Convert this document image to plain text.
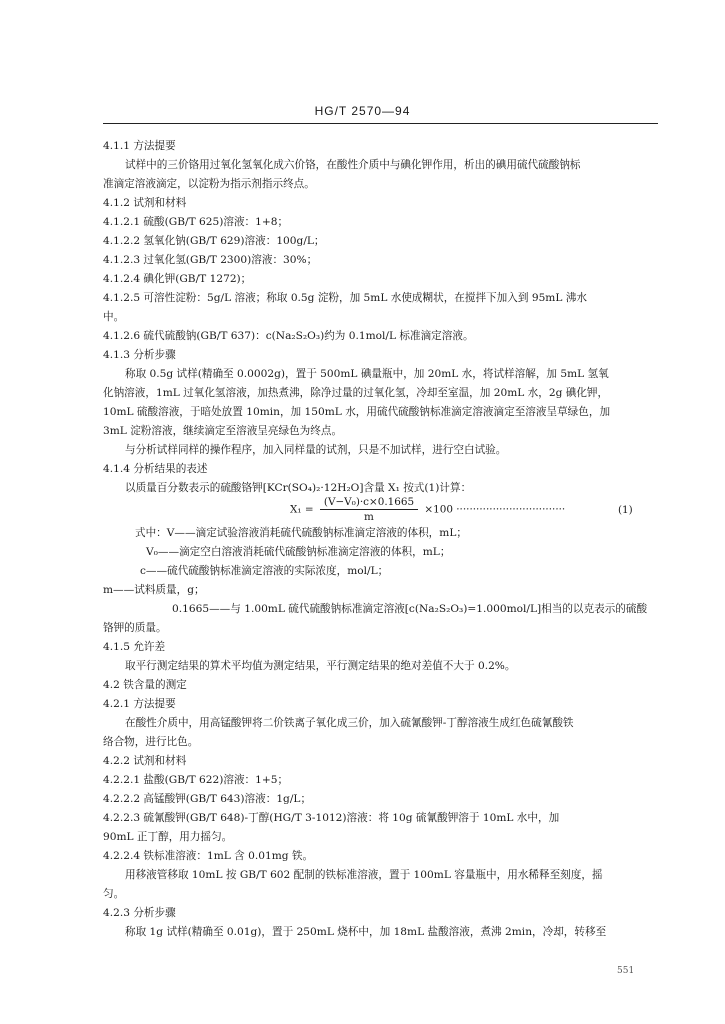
HG/T 2570—94
4.1.1 方法提要
试样中的三价铬用过氧化氢氧化成六价铬，在酸性介质中与碘化钾作用，析出的碘用硫代硫酸钠标
准滴定溶液滴定，以淀粉为指示剂指示终点。
4.1.2 试剂和材料
4.1.2.1 硫酸(GB/T 625)溶液：1+8；
4.1.2.2 氢氧化钠(GB/T 629)溶液：100g/L；
4.1.2.3 过氧化氢(GB/T 2300)溶液：30%；
4.1.2.4 碘化钾(GB/T 1272)；
4.1.2.5 可溶性淀粉：5g/L 溶液；称取 0.5g 淀粉，加 5mL 水使成糊状，在搅拌下加入到 95mL 沸水
中。
4.1.2.6 硫代硫酸钠(GB/T 637)：c(Na₂S₂O₃)约为 0.1mol/L 标准滴定溶液。
4.1.3 分析步骤
称取 0.5g 试样(精确至 0.0002g)，置于 500mL 碘量瓶中，加 20mL 水，将试样溶解，加 5mL 氢氧
化钠溶液，1mL 过氧化氢溶液，加热煮沸，除净过量的过氧化氢，冷却至室温，加 20mL 水，2g 碘化钾，
10mL 硫酸溶液，于暗处放置 10min，加 150mL 水，用硫代硫酸钠标准滴定溶液滴定至溶液呈草绿色，加
3mL 淀粉溶液，继续滴定至溶液呈亮绿色为终点。
与分析试样同样的操作程序，加入同样量的试剂，只是不加试样，进行空白试验。
4.1.4 分析结果的表述
以质量百分数表示的硫酸铬钾[KCr(SO₄)₂·12H₂O]含量 X₁ 按式(1)计算：
式中：V——滴定试验溶液消耗硫代硫酸钠标准滴定溶液的体积，mL；
V₀——滴定空白溶液消耗硫代硫酸钠标准滴定溶液的体积，mL；
c——硫代硫酸钠标准滴定溶液的实际浓度，mol/L；
m——试料质量，g；
0.1665——与 1.00mL 硫代硫酸钠标准滴定溶液[c(Na₂S₂O₃)=1.000mol/L]相当的以克表示的硫酸
铬钾的质量。
4.1.5 允许差
取平行测定结果的算术平均值为测定结果，平行测定结果的绝对差值不大于 0.2%。
4.2 铁含量的测定
4.2.1 方法提要
在酸性介质中，用高锰酸钾将二价铁离子氧化成三价，加入硫氰酸钾-丁醇溶液生成红色硫氰酸铁
络合物，进行比色。
4.2.2 试剂和材料
4.2.2.1 盐酸(GB/T 622)溶液：1+5；
4.2.2.2 高锰酸钾(GB/T 643)溶液：1g/L；
4.2.2.3 硫氰酸钾(GB/T 648)-丁醇(HG/T 3-1012)溶液：将 10g 硫氰酸钾溶于 10mL 水中，加
90mL 正丁醇，用力摇匀。
4.2.2.4 铁标准溶液：1mL 含 0.01mg 铁。
用移液管移取 10mL 按 GB/T 602 配制的铁标准溶液，置于 100mL 容量瓶中，用水稀释至刻度，摇
匀。
4.2.3 分析步骤
称取 1g 试样(精确至 0.01g)，置于 250mL 烧杯中，加 18mL 盐酸溶液，煮沸 2min，冷却，转移至
$X_1 = \frac{\text{(V−V₀)·c×0.1665}}{m} \times 100$ ·································	(1)
551
